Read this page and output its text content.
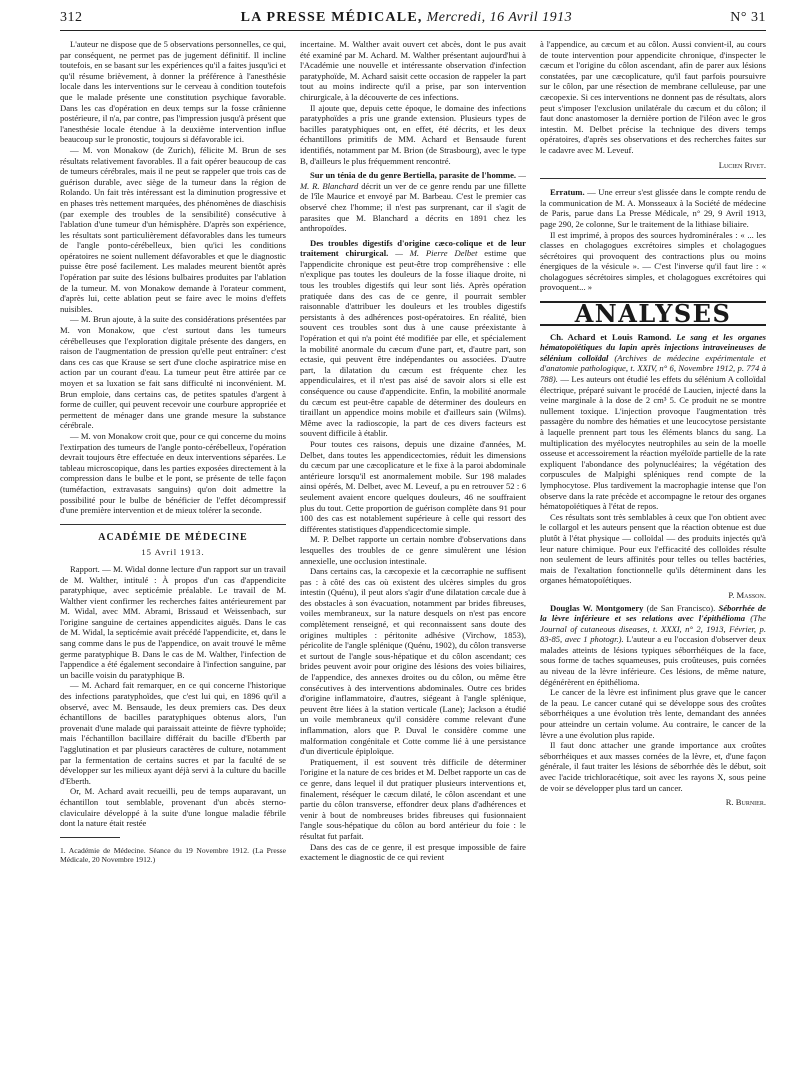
312	LA PRESSE MÉDICALE, Mercredi, 16 Avril 1913	N° 31

L'auteur ne dispose que de 5 observations personnelles, ce qui, par conséquent, ne permet pas de jugement définitif. Il incline toutefois, en se basant sur les expériences qu'il a faites jusqu'ici et qu'il résume brièvement, à donner la préférence à l'anesthésie locale dans les interventions sur le cerveau à condition toutefois que le malade présente une constitution psychique favorable. Dans les cas d'opération en deux temps sur la fosse crânienne postérieure, il n'a, par contre, pas l'impression jusqu'à présent que l'anesthésie locale étendue à la deuxième intervention influe beaucoup sur le pronostic, toujours si défavorable ici.

— M. von Monakow (de Zurich), félicite M. Brun de ses résultats relativement favorables. Il a fait opérer beaucoup de cas de tumeurs cérébrales, mais il ne peut se rappeler que trois cas de guérison durable, avec siège de la tumeur dans la région de Rolando. Un fait très intéressant est la diminution progressive et en phases très nettement marquées, des phénomènes de diaschisis (par exemple des troubles de la sensibilité) consécutive à l'ablation d'une tumeur d'un hémisphère. D'après son expérience, les résultats sont particulièrement défavorables dans les tumeurs de l'angle ponto-cérébelleux, bien qu'ici les conditions opératoires ne soient nullement défavorables et que le diagnostic puisse être posé facilement. Les malades meurent bientôt après l'opération par suite des lésions bulbaires produites par l'ablation de la tumeur. M. von Monakow demande à l'orateur comment, d'après lui, cette ablation peut se faire avec le moins d'effets nuisibles.

— M. Brun ajoute, à la suite des considérations présentées par M. von Monakow, que c'est surtout dans les tumeurs cérébelleuses que l'exploration digitale présente des dangers, en raison de l'augmentation de pression qu'elle peut entraîner: c'est dans ces cas que Krause se sert d'une cloche aspiratrice mise en action par un courant d'eau. La tumeur peut être attirée par ce moyen et sa luxation se fait sans difficulté ni inconvénient. M. Brun emploie, dans certains cas, de petites spatules d'argent à forme de cuiller, qui peuvent recevoir une courbure appropriée et permettent de ménager dans une grande mesure la substance cérébrale.

— M. von Monakow croit que, pour ce qui concerne du moins l'extirpation des tumeurs de l'angle ponto-cérébelleux, l'opération devrait toujours être effectuée en deux interventions séparées. Le tableau microscopique, dans les parties exposées directement à la compression dans le bulbe et le pont, se présente de telle façon (tuméfaction, extravasats sanguins) qu'on doit admettre la possibilité pour le bulbe de bénéficier de l'effet décompressif d'une première intervention et de mieux tolérer la seconde.

ACADÉMIE DE MÉDECINE
15 Avril 1913.

Rapport. — M. Widal donne lecture d'un rapport sur un travail de M. Walther, intitulé : À propos d'un cas d'appendicite paratyphique, avec septicémie préalable. Le travail de M. Walther vient confirmer les recherches faites antérieurement par M. Widal, avec MM. Abrami, Brissaud et Weissenbach, sur l'origine sanguine de certaines appendicites aiguës. Dans le cas de M. Widal, la septicémie avait précédé l'appendicite, et, dans le sang comme dans le pus de l'appendice, on avait trouvé le même germe paratyphique B. Dans le cas de M. Walther, l'infection de l'appendice a été également secondaire à l'infection sanguine, par un bacille voisin du paratyphique B.

— M. Achard fait remarquer, en ce qui concerne l'historique des infections paratyphoïdes, que c'est lui qui, en 1896 qu'il a observé, avec M. Bensaude, les deux premiers cas. Des deux échantillons de bacilles paratyphiques obtenus alors, l'un provenait d'une malade qui paraissait atteinte de fièvre typhoïde; mais l'échantillon bacillaire différait du bacille d'Eberth par l'agglutination et par plusieurs caractères de culture, notamment par la fermentation de certains sucres et par la faculté de se développer sur les milieux ayant déjà servi à la culture du bacille d'Eberth.

Or, M. Achard avait recueilli, peu de temps auparavant, un échantillon tout semblable, provenant d'un abcès sterno-claviculaire développé à la suite d'une longue maladie fébrile dont la nature était restée

1. Académie de Médecine. Séance du 19 Novembre 1912. (La Presse Médicale, 20 Novembre 1912.)

incertaine. M. Walther avait ouvert cet abcès, dont le pus avait été examiné par M. Achard. M. Walther présentant aujourd'hui à l'Académie une nouvelle et intéressante observation d'infection paratyphoïde, M. Achard saisit cette occasion de rappeler la part tout au moins indirecte qu'il a prise, par son intervention chirurgicale, à la découverte de ces infections.

Il ajoute que, depuis cette époque, le domaine des infections paratyphoïdes a pris une grande extension. Plusieurs types de bacilles paratyphiques ont, en effet, été décrits, et les deux échantillons primitifs de MM. Achard et Bensaude furent identifiés, notamment par M. Brion (de Strasbourg), avec le type B, d'ailleurs le plus fréquemment rencontré.

Sur un ténia de du genre Bertiella, parasite de l'homme. — M. R. Blanchard décrit un ver de ce genre rendu par une fillette de l'île Maurice et envoyé par M. Barbeau. C'est le premier cas observé chez l'homme; il n'est pas surprenant, car il s'agit de parasites que M. Blanchard a décrits en 1891 chez les anthropoïdes.

Des troubles digestifs d'origine cæco-colique et de leur traitement chirurgical. — M. Pierre Delbet estime que l'appendicite chronique est peut-être trop compréhensive : elle n'explique pas toutes les douleurs de la fosse iliaque droite, ni tous les troubles digestifs qui leur sont liés. Après opération pratiquée dans des cas de ce genre, il pourrait sembler raisonnable d'attribuer les douleurs et les troubles digestifs persistants à des adhérences post-opératoires. En réalité, bien souvent ces troubles sont dus à une cause préexistante à l'opération et qui n'a point été modifiée par elle, et spécialement la mobilité anormale du cæcum d'une part, et, d'autre part, son ectasie, qui peuvent être indépendantes ou associées. D'autre part, la dilatation du cæcum est fréquente chez les appendiculaires, et il n'est pas aisé de savoir alors si elle est conséquence ou cause d'appendicite. Enfin, la mobilité anormale du cæcum est peut-être capable de déterminer des douleurs en tiraillant un appendice moins mobile et d'ailleurs sain (Wilms). Même avec la radioscopie, la part de ces divers facteurs est souvent difficile à établir.

Pour toutes ces raisons, depuis une dizaine d'années, M. Delbet, dans toutes les appendicectomies, réduit les dimensions du cæcum par une cæcoplicature et le fixe à la paroi abdominale antérieure lorsqu'il est anormalement mobile. Sur 198 malades ainsi opérés, M. Delbet, avec M. Leveuf, a pu en retrouver 52 : 6 seulement avaient encore quelques douleurs, 46 ne souffraient plus du tout. Cette proportion de guérison complète dans 91 pour 100 des cas est notablement supérieure à celle qui ressort des différentes statistiques d'appendicectomie simple.

M. P. Delbet rapporte un certain nombre d'observations dans lesquelles des troubles de ce genre simulèrent une lésion annexielle, une occlusion intestinale.

Dans certains cas, la cæcopexie et la cæcorraphie ne suffisent pas : à côté des cas où existent des ulcères simples du gros intestin (Quénu), il peut alors s'agir d'une dilatation cæcale due à des obstacles à son évacuation, notamment par brides fibreuses, voiles membraneux, sur la nature desquels on n'est pas encore complètement renseigné, et qui reconnaissent sans doute des origines multiples : péritonite adhésive (Virchow, 1853), péricolite de l'angle splénique (Quénu, 1902), du côlon transverse et surtout de l'angle sous-hépatique et du côlon ascendant; ces brides peuvent avoir pour origine des lésions des voies biliaires, de l'appendice, des annexes droites ou du côlon, ou même être consécutives à des interventions abdominales. Outre ces brides d'origine inflammatoire, d'autres, siégeant à l'angle splénique, peuvent être liées à la station verticale (Lane); Jackson a étudié un voile membraneux qu'il considère comme relevant d'une inflammation, alors que P. Duval le considère comme une malformation congénitale et Cotte comme lié à une persistance d'un diverticule épiploïque.

Pratiquement, il est souvent très difficile de déterminer l'origine et la nature de ces brides et M. Delbet rapporte un cas de ce genre, dans lequel il dut pratiquer plusieurs interventions et, finalement, réséquer le cæcum dilaté, le côlon ascendant et une partie du côlon transverse, effondrer deux plans d'adhérences et venir à bout de nombreuses brides fibreuses qui fusionnaient l'angle sous-hépatique du côlon au bord antérieur du foie : le résultat fut parfait.

Dans des cas de ce genre, il est presque impossible de faire exactement le diagnostic de ce qui revient

à l'appendice, au cæcum et au côlon. Aussi convient-il, au cours de toute intervention pour appendicite chronique, d'inspecter le cæcum et l'origine du côlon ascendant, afin de parer aux lésions constatées, par une cæcoplicature, qu'il faut parfois poursuivre sur le côlon, par une résection de membrane celluleuse, par une cæcopexie. Si ces interventions ne donnent pas de résultats, alors peut s'imposer l'exclusion unilatérale du cæcum et du côlon; il faut donc anastomoser la dernière portion de l'iléon avec le gros intestin. M. Delbet précise la technique des divers temps opératoires, d'après ses observations et des recherches faites sur le cadavre avec M. Leveuf.

Lucien Rivet.

Erratum. — Une erreur s'est glissée dans le compte rendu de la communication de M. A. Monsseaux à la Société de médecine de Paris, parue dans La Presse Médicale, n° 29, 9 Avril 1913, page 290, 2e colonne, Sur le traitement de la lithiase biliaire.

Il est imprimé, à propos des sources hydrominérales : « ... les classes en cholagogues excrétoires simples et cholagogues sécrétoires qui provoquent des contractions plus ou moins énergiques de la vésicule ». — C'est l'inverse qu'il faut lire : « cholagogues sécrétoires simples, et cholagogues excrétoires qui provoquent... »

ANALYSES

Ch. Achard et Louis Ramond. Le sang et les organes hématopoïétiques du lapin après injections intraveineuses de sélénium colloïdal (Archives de médecine expérimentale et d'anatomie pathologique, t. XXIV, n° 6, Novembre 1912, p. 774 à 788). — Les auteurs ont étudié les effets du sélénium A colloïdal électrique, préparé suivant le procédé de Laucien, injecté dans la veine marginale à la dose de 2 cm³ 5. Ce produit ne se montre nullement toxique. L'injection provoque l'augmentation très passagère du nombre des hématies et une leucocytose persistante à laquelle prennent part tous les éléments blancs du sang. La multiplication des myélocytes neutrophiles au sein de la moelle osseuse et accessoirement la réaction myéloïde partielle de la rate expliquent l'abondance des polynucléaires; la végétation des corpuscules de Malpighi spléniques rend compte de la lymphocytose. Plus tardivement la macrophagie intense que l'on observe dans la rate précède et accompagne le retour des organes hématopoïétiques à l'état de repos.

Ces résultats sont très semblables à ceux que l'on obtient avec le collargol et les auteurs pensent que la réaction obtenue est due plutôt à l'état physique — colloïdal — des produits injectés qu'à leur nature chimique. Pour eux l'efficacité des colloïdes résulte non seulement de leurs affinités pour telles ou telles bactéries, mais de l'exaltation fonctionnelle qu'ils déterminent dans les organes hématopoïétiques.

P. Masson.

Douglas W. Montgomery (de San Francisco). Séborrhée de la lèvre inférieure et ses relations avec l'épithélioma (The Journal of cutaneous diseases, t. XXXI, n° 2, 1913, Février, p. 83-85, avec 1 photogr.). L'auteur a eu l'occasion d'observer deux malades atteints de lésions typiques séborrhéiques de la face, sous forme de taches squameuses, puis croûteuses, puis cornées au niveau de la lèvre inférieure. Ces lésions, de même nature, dégénérèrent en épithélioma.

Le cancer de la lèvre est infiniment plus grave que le cancer de la peau. Le cancer cutané qui se développe sous des croûtes séborrhéiques a une évolution très lente, demandant des années pour atteindre un certain volume. Au contraire, le cancer de la lèvre a une évolution plus rapide.

Il faut donc attacher une grande importance aux croûtes séborrhéiques et aux masses cornées de la lèvre, et, d'une façon générale, il faut traiter les lésions de séborrhée dès le début, soit avec l'acide trichloracétique, soit avec les rayons X, sous peine de voir se développer plus tard un cancer.

R. Burnier.
